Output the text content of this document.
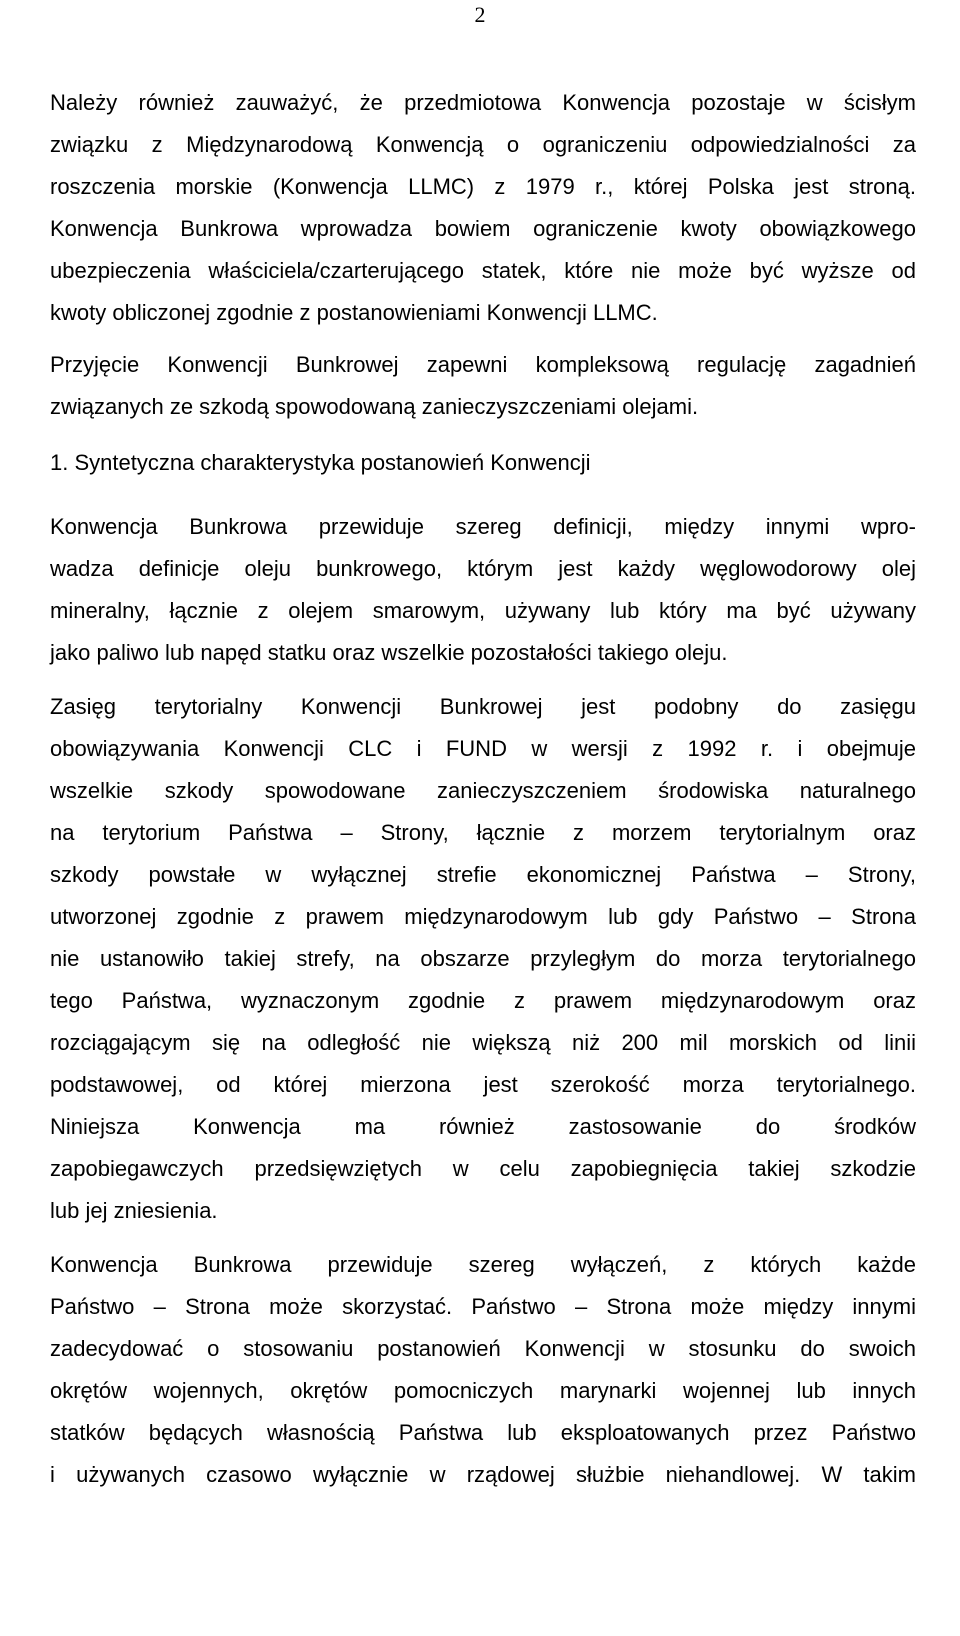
2

Należy również zauważyć, że przedmiotowa Konwencja pozostaje w ścisłym
związku z Międzynarodową Konwencją o ograniczeniu odpowiedzialności za
roszczenia morskie (Konwencja LLMC) z 1979 r., której Polska jest stroną.
Konwencja Bunkrowa wprowadza bowiem ograniczenie kwoty obowiązkowego
ubezpieczenia właściciela/czarterującego statek, które nie może być wyższe od
kwoty obliczonej zgodnie z postanowieniami Konwencji LLMC.

Przyjęcie Konwencji Bunkrowej zapewni kompleksową regulację zagadnień
związanych ze szkodą spowodowaną zanieczyszczeniami olejami.

1. Syntetyczna charakterystyka postanowień Konwencji

Konwencja Bunkrowa przewiduje szereg definicji, między innymi wpro-
wadza definicje oleju bunkrowego, którym jest każdy węglowodorowy olej
mineralny, łącznie z olejem smarowym, używany lub który ma być używany
jako paliwo lub napęd statku oraz wszelkie pozostałości takiego oleju.

Zasięg terytorialny Konwencji Bunkrowej jest podobny do zasięgu
obowiązywania Konwencji CLC i FUND w wersji z 1992 r. i obejmuje
wszelkie szkody spowodowane zanieczyszczeniem środowiska naturalnego
na terytorium Państwa – Strony, łącznie z morzem terytorialnym oraz
szkody powstałe w wyłącznej strefie ekonomicznej Państwa – Strony,
utworzonej zgodnie z prawem międzynarodowym lub gdy Państwo – Strona
nie ustanowiło takiej strefy, na obszarze przyległym do morza terytorialnego
tego Państwa, wyznaczonym zgodnie z prawem międzynarodowym oraz
rozciągającym się na odległość nie większą niż 200 mil morskich od linii
podstawowej, od której mierzona jest szerokość morza terytorialnego.
Niniejsza Konwencja ma również zastosowanie do środków
zapobiegawczych przedsięwziętych w celu zapobiegnięcia takiej szkodzie
lub jej zniesienia.

Konwencja Bunkrowa przewiduje szereg wyłączeń, z których każde
Państwo – Strona może skorzystać. Państwo – Strona może między innymi
zadecydować o stosowaniu postanowień Konwencji w stosunku do swoich
okrętów wojennych, okrętów pomocniczych marynarki wojennej lub innych
statków będących własnością Państwa lub eksploatowanych przez Państwo
i używanych czasowo wyłącznie w rządowej służbie niehandlowej. W takim
